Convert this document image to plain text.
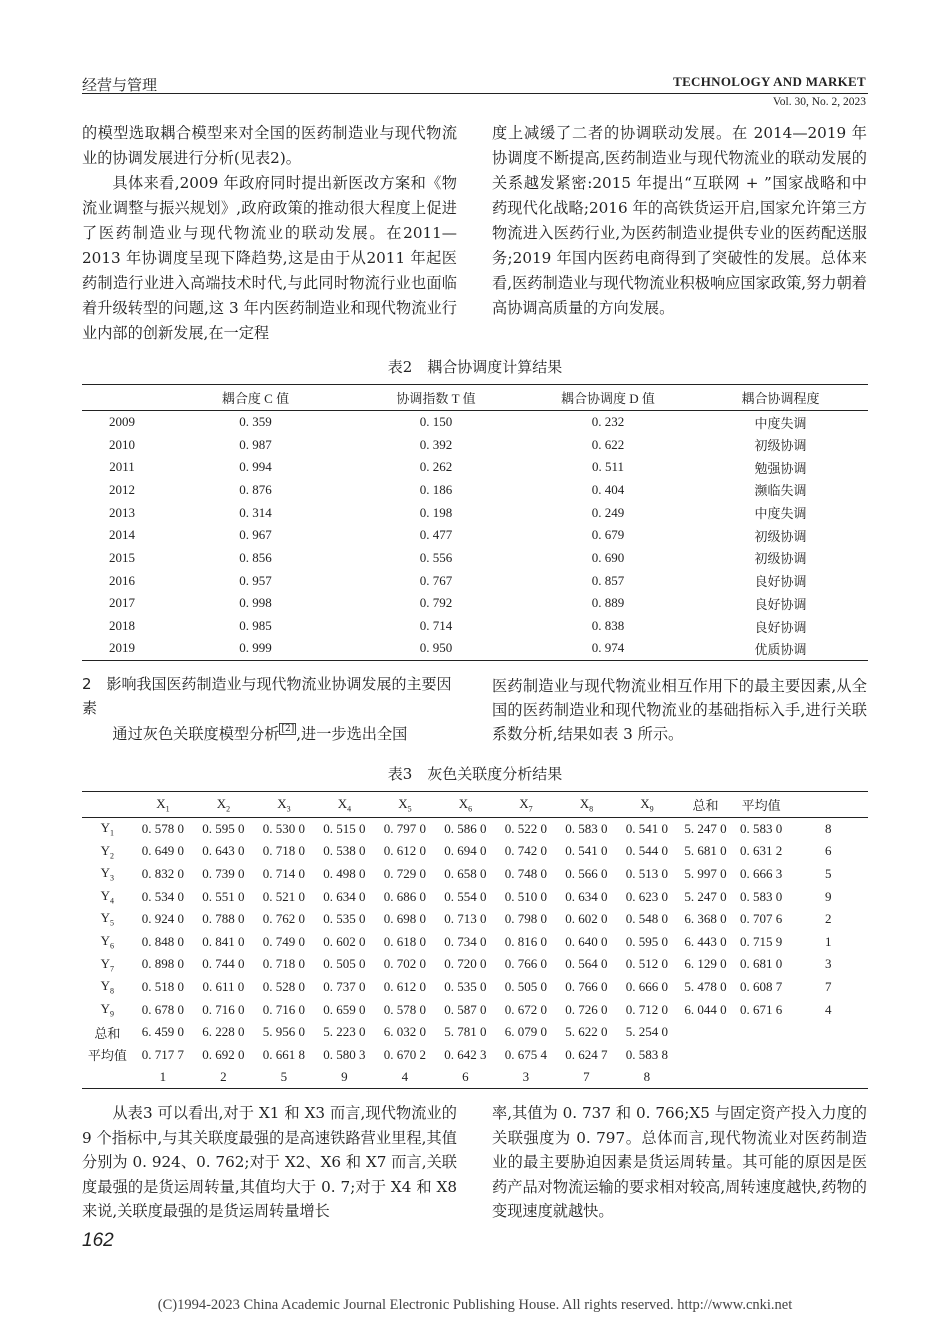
经营与管理	TECHNOLOGY AND MARKET
Vol. 30, No. 2, 2023

的模型选取耦合模型来对全国的医药制造业与现代物流业的协调发展进行分析(见表2)。

具体来看,2009 年政府同时提出新医改方案和《物流业调整与振兴规划》,政府政策的推动很大程度上促进了医药制造业与现代物流业的联动发展。在2011—2013 年协调度呈现下降趋势,这是由于从2011 年起医药制造行业进入高端技术时代,与此同时物流行业也面临着升级转型的问题,这 3 年内医药制造业和现代物流业行业内部的创新发展,在一定程

度上减缓了二者的协调联动发展。在 2014—2019 年协调度不断提高,医药制造业与现代物流业的联动发展的关系越发紧密:2015 年提出“互联网 + ”国家战略和中药现代化战略;2016 年的高铁货运开启,国家允许第三方物流进入医药行业,为医药制造业提供专业的医药配送服务;2019 年国内医药电商得到了突破性的发展。总体来看,医药制造业与现代物流业积极响应国家政策,努力朝着高协调高质量的方向发展。

表2　耦合协调度计算结果
	耦合度 C 值	协调指数 T 值	耦合协调度 D 值	耦合协调程度
2009	0. 359	0. 150	0. 232	中度失调
2010	0. 987	0. 392	0. 622	初级协调
2011	0. 994	0. 262	0. 511	勉强协调
2012	0. 876	0. 186	0. 404	濒临失调
2013	0. 314	0. 198	0. 249	中度失调
2014	0. 967	0. 477	0. 679	初级协调
2015	0. 856	0. 556	0. 690	初级协调
2016	0. 957	0. 767	0. 857	良好协调
2017	0. 998	0. 792	0. 889	良好协调
2018	0. 985	0. 714	0. 838	良好协调
2019	0. 999	0. 950	0. 974	优质协调
2　影响我国医药制造业与现代物流业协调发展的主要因素

通过灰色关联度模型分析 [2] ,进一步选出全国

医药制造业与现代物流业相互作用下的最主要因素,从全国的医药制造业和现代物流业的基础指标入手,进行关联系数分析,结果如表 3 所示。

表3　灰色关联度分析结果
	$X_1$	$X_2$	$X_3$	$X_4$	$X_5$	$X_6$	$X_7$	$X_8$	$X_9$	总和	平均值	
$Y_1$	0. 578 0	0. 595 0	0. 530 0	0. 515 0	0. 797 0	0. 586 0	0. 522 0	0. 583 0	0. 541 0	5. 247 0	0. 583 0	8
$Y_2$	0. 649 0	0. 643 0	0. 718 0	0. 538 0	0. 612 0	0. 694 0	0. 742 0	0. 541 0	0. 544 0	5. 681 0	0. 631 2	6
$Y_3$	0. 832 0	0. 739 0	0. 714 0	0. 498 0	0. 729 0	0. 658 0	0. 748 0	0. 566 0	0. 513 0	5. 997 0	0. 666 3	5
$Y_4$	0. 534 0	0. 551 0	0. 521 0	0. 634 0	0. 686 0	0. 554 0	0. 510 0	0. 634 0	0. 623 0	5. 247 0	0. 583 0	9
$Y_5$	0. 924 0	0. 788 0	0. 762 0	0. 535 0	0. 698 0	0. 713 0	0. 798 0	0. 602 0	0. 548 0	6. 368 0	0. 707 6	2
$Y_6$	0. 848 0	0. 841 0	0. 749 0	0. 602 0	0. 618 0	0. 734 0	0. 816 0	0. 640 0	0. 595 0	6. 443 0	0. 715 9	1
$Y_7$	0. 898 0	0. 744 0	0. 718 0	0. 505 0	0. 702 0	0. 720 0	0. 766 0	0. 564 0	0. 512 0	6. 129 0	0. 681 0	3
$Y_8$	0. 518 0	0. 611 0	0. 528 0	0. 737 0	0. 612 0	0. 535 0	0. 505 0	0. 766 0	0. 666 0	5. 478 0	0. 608 7	7
$Y_9$	0. 678 0	0. 716 0	0. 716 0	0. 659 0	0. 578 0	0. 587 0	0. 672 0	0. 726 0	0. 712 0	6. 044 0	0. 671 6	4
总和	6. 459 0	6. 228 0	5. 956 0	5. 223 0	6. 032 0	5. 781 0	6. 079 0	5. 622 0	5. 254 0			
平均值	0. 717 7	0. 692 0	0. 661 8	0. 580 3	0. 670 2	0. 642 3	0. 675 4	0. 624 7	0. 583 8			
	1	2	5	9	4	6	3	7	8			

从表3 可以看出,对于 X1 和 X3 而言,现代物流业的 9 个指标中,与其关联度最强的是高速铁路营业里程,其值分别为 0. 924、0. 762;对于 X2、X6 和 X7 而言,关联度最强的是货运周转量,其值均大于 0. 7;对于 X4 和 X8 来说,关联度最强的是货运周转量增长

率,其值为 0. 737 和 0. 766;X5 与固定资产投入力度的关联强度为 0. 797。总体而言,现代物流业对医药制造业的最主要胁迫因素是货运周转量。其可能的原因是医药产品对物流运输的要求相对较高,周转速度越快,药物的变现速度就越快。

162
(C)1994-2023 China Academic Journal Electronic Publishing House. All rights reserved. http://www.cnki.net
